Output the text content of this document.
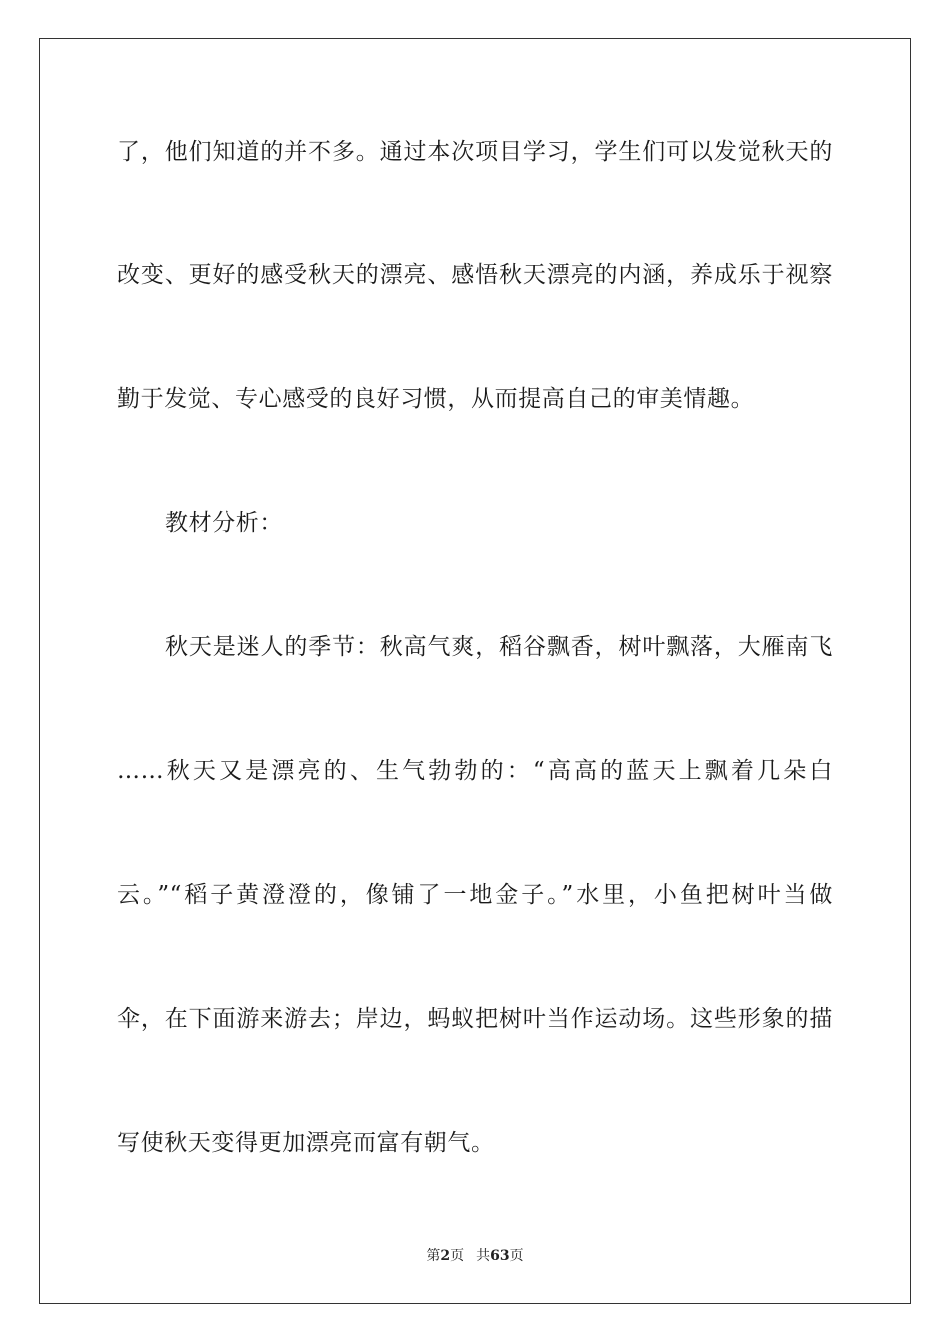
了，他们知道的并不多。通过本次项目学习，学生们可以发觉秋天的
改变、更好的感受秋天的漂亮、感悟秋天漂亮的内涵，养成乐于视察
勤于发觉、专心感受的良好习惯，从而提高自己的审美情趣。
教材分析：
秋天是迷人的季节：秋高气爽，稻谷飘香，树叶飘落，大雁南飞
……秋天又是漂亮的、生气勃勃的：“高高的蓝天上飘着几朵白
云。”“稻子黄澄澄的，像铺了一地金子。”水里，小鱼把树叶当做
伞，在下面游来游去；岸边，蚂蚁把树叶当作运动场。这些形象的描
写使秋天变得更加漂亮而富有朝气。
第2页 共63页
